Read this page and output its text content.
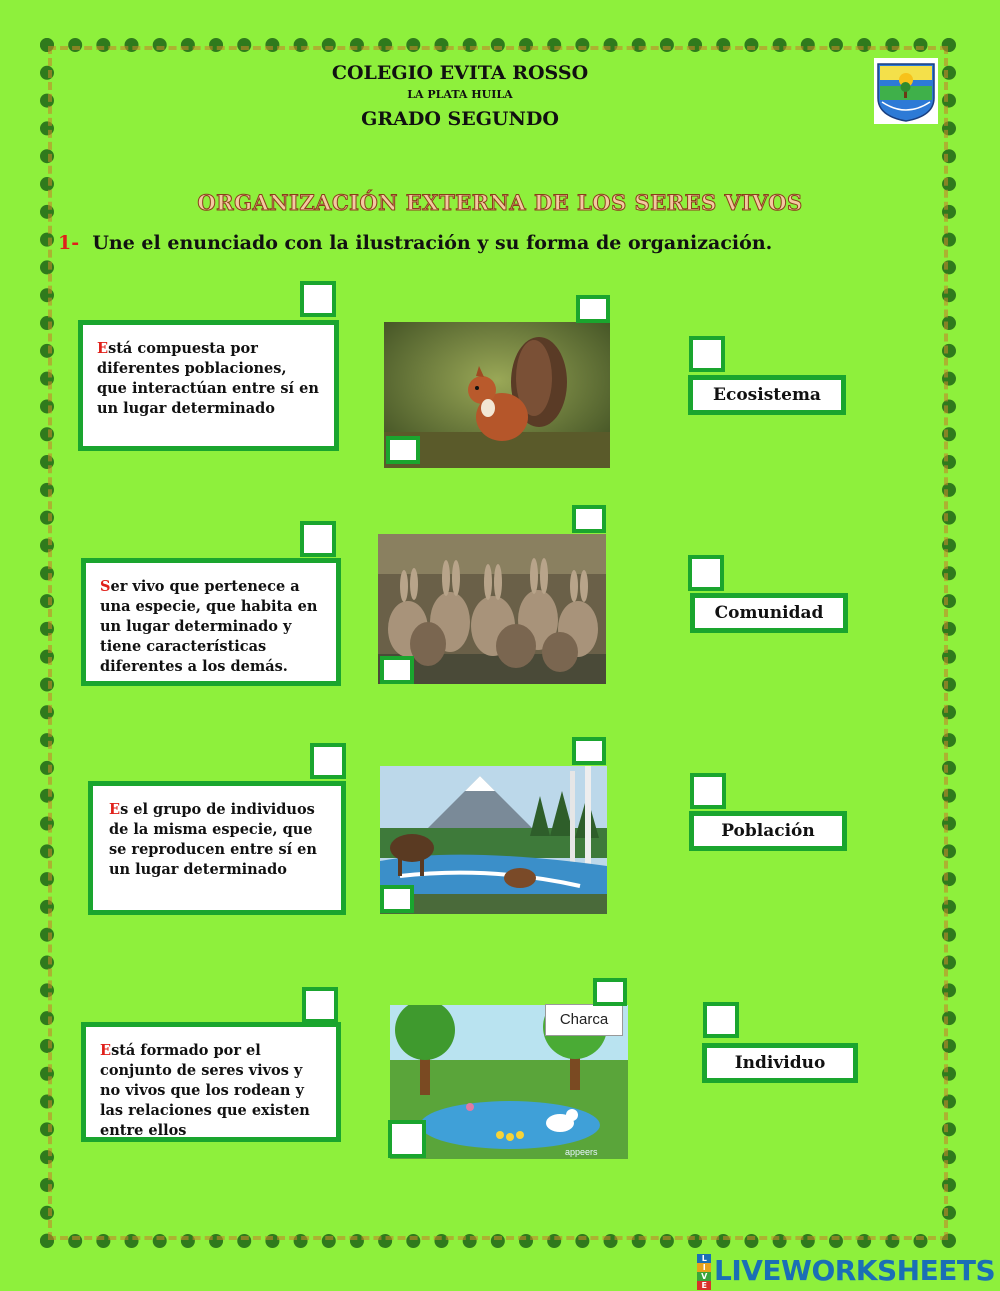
COLEGIO EVITA ROSSO
LA PLATA HUILA
GRADO SEGUNDO
ORGANIZACIÓN EXTERNA DE LOS SERES VIVOS
1- Une el enunciado con la ilustración y su forma de organización.
Está compuesta por diferentes poblaciones, que interactúan entre sí en un lugar determinado
Ecosistema
Ser vivo que pertenece a una especie, que habita en un lugar determinado y tiene características diferentes a los demás.
Comunidad
Es el grupo de individuos de la misma especie, que se reproducen entre sí en un lugar determinado
Población
Está formado por el conjunto de seres vivos y no vivos que los rodean y las relaciones que existen entre ellos
appeers
Charca
Individuo
L
I
V
E LIVEWORKSHEETS
